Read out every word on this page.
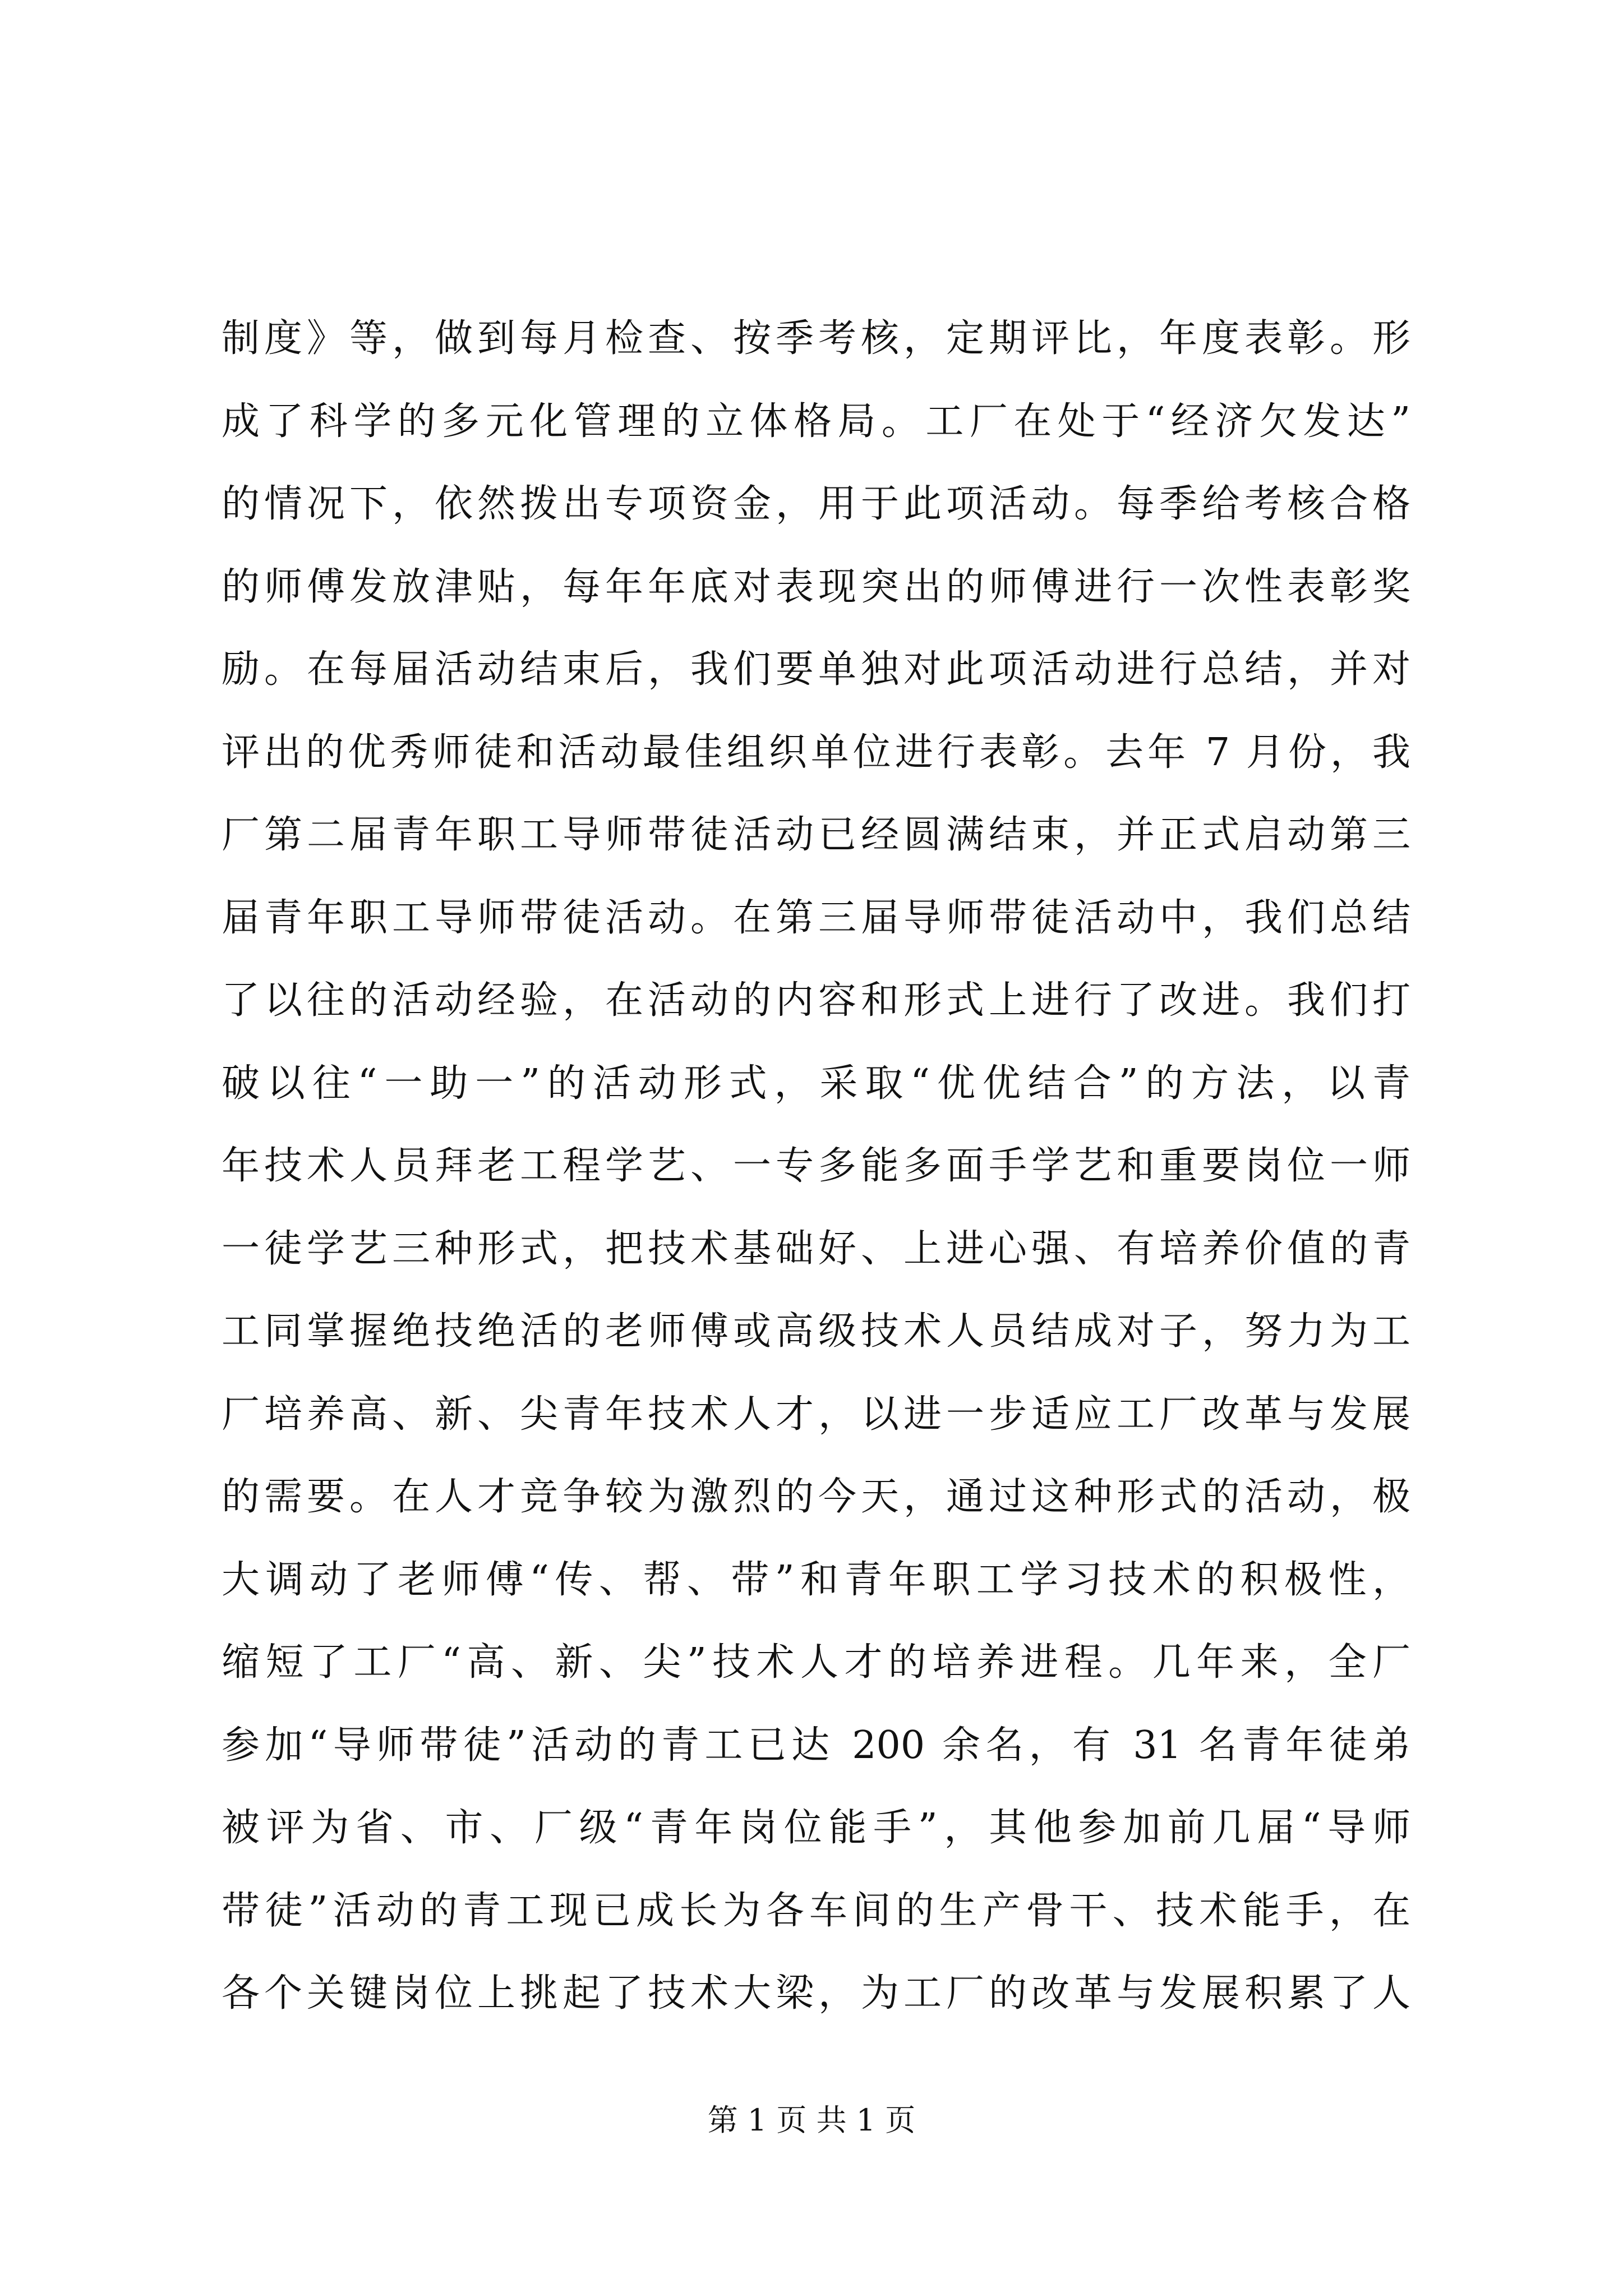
制度》等，做到每月检查、按季考核，定期评比，年度表彰。形
成了科学的多元化管理的立体格局。工厂在处于“经济欠发达”
的情况下，依然拨出专项资金，用于此项活动。每季给考核合格
的师傅发放津贴，每年年底对表现突出的师傅进行一次性表彰奖
励。在每届活动结束后，我们要单独对此项活动进行总结，并对
评出的优秀师徒和活动最佳组织单位进行表彰。去年 7 月份，我
厂第二届青年职工导师带徒活动已经圆满结束，并正式启动第三
届青年职工导师带徒活动。在第三届导师带徒活动中，我们总结
了以往的活动经验，在活动的内容和形式上进行了改进。我们打
破以往“一助一”的活动形式，采取“优优结合”的方法，以青
年技术人员拜老工程学艺、一专多能多面手学艺和重要岗位一师
一徒学艺三种形式，把技术基础好、上进心强、有培养价值的青
工同掌握绝技绝活的老师傅或高级技术人员结成对子，努力为工
厂培养高、新、尖青年技术人才，以进一步适应工厂改革与发展
的需要。在人才竞争较为激烈的今天，通过这种形式的活动，极
大调动了老师傅“传、帮、带”和青年职工学习技术的积极性，
缩短了工厂“高、新、尖”技术人才的培养进程。几年来，全厂
参加“导师带徒”活动的青工已达 200 余名，有 31 名青年徒弟
被评为省、市、厂级“青年岗位能手”，其他参加前几届“导师
带徒”活动的青工现已成长为各车间的生产骨干、技术能手，在
各个关键岗位上挑起了技术大梁，为工厂的改革与发展积累了人
第 1 页 共 1 页
